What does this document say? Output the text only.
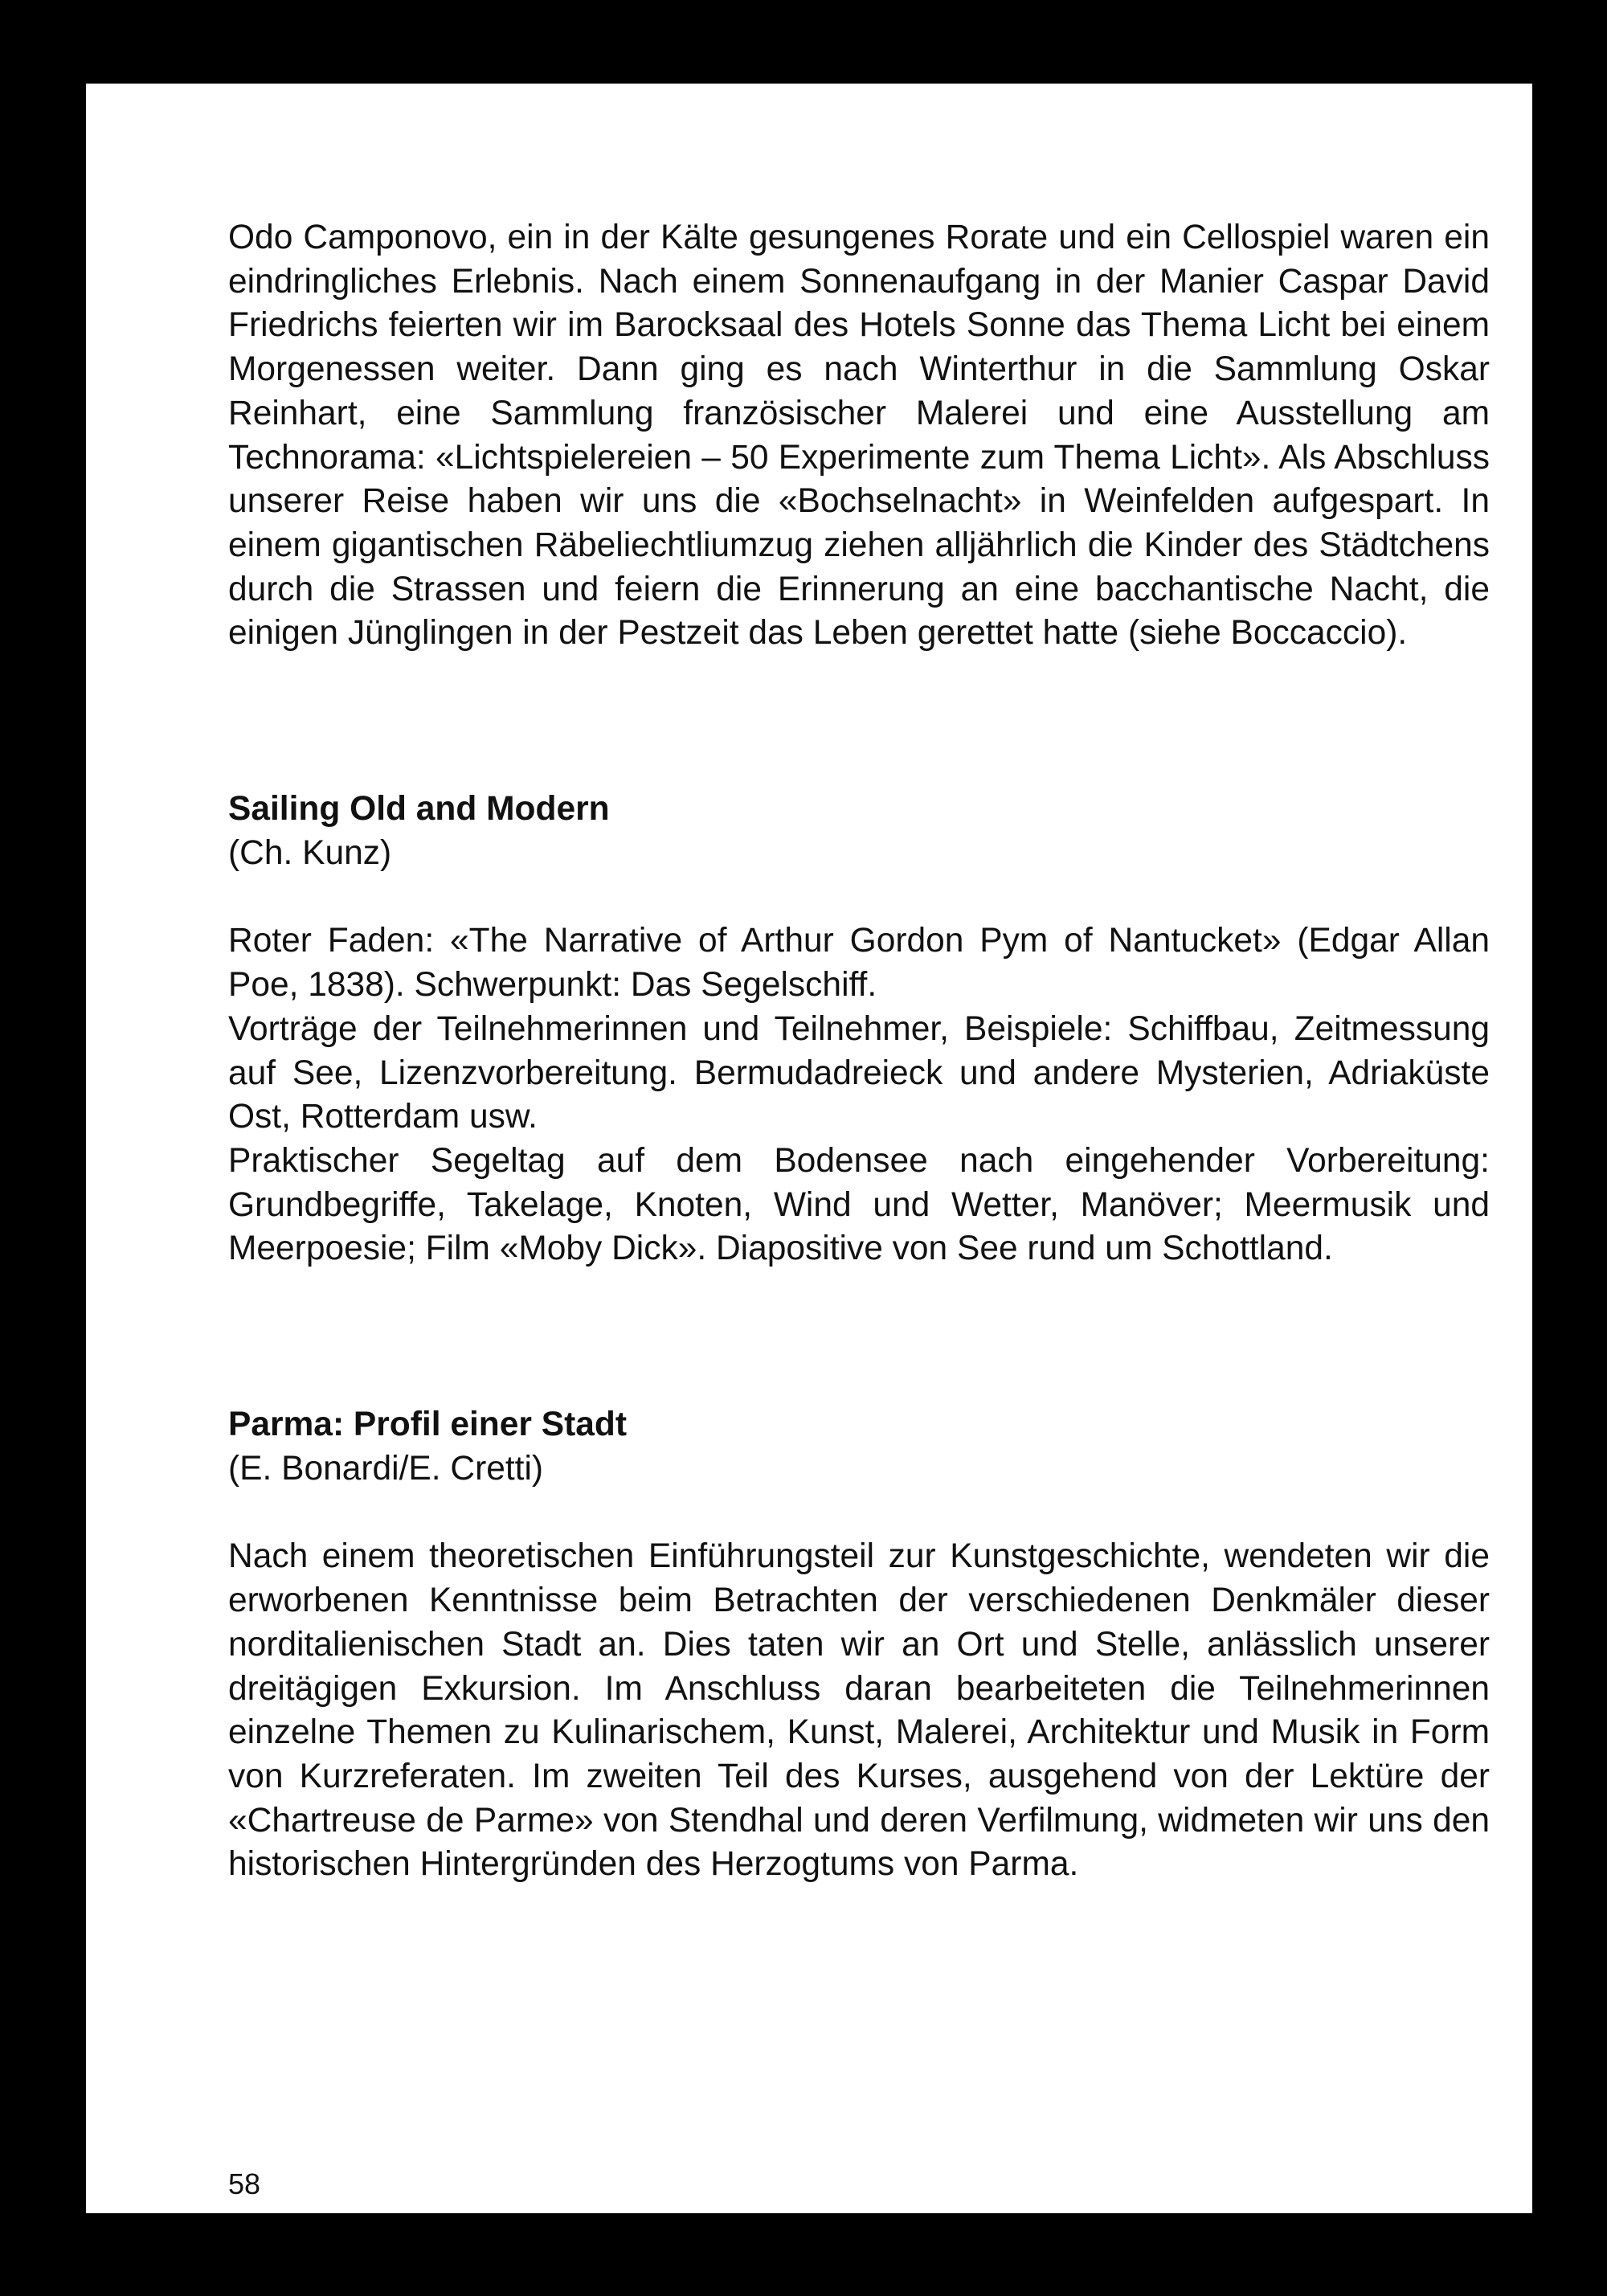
Odo Camponovo, ein in der Kälte gesungenes Rorate und ein Cellospiel waren ein eindringliches Erlebnis. Nach einem Sonnenaufgang in der Manier Caspar David Friedrichs feierten wir im Barocksaal des Hotels Sonne das Thema Licht bei einem Morgenessen weiter. Dann ging es nach Winterthur in die Sammlung Oskar Reinhart, eine Sammlung französischer Malerei und eine Ausstellung am Technorama: «Lichtspielereien – 50 Experimente zum Thema Licht». Als Abschluss unserer Reise haben wir uns die «Bochselnacht» in Weinfelden aufgespart. In einem gigantischen Räbeliechtliumzug ziehen alljährlich die Kinder des Städtchens durch die Strassen und feiern die Erinnerung an eine bacchantische Nacht, die einigen Jünglingen in der Pestzeit das Leben gerettet hatte (siehe Boccaccio).

Sailing Old and Modern

(Ch. Kunz)

Roter Faden: «The Narrative of Arthur Gordon Pym of Nantucket» (Edgar Allan Poe, 1838). Schwerpunkt: Das Segelschiff.

Vorträge der Teilnehmerinnen und Teilnehmer, Beispiele: Schiffbau, Zeitmessung auf See, Lizenzvorbereitung. Bermudadreieck und andere Mysterien, Adriaküste Ost, Rotterdam usw.

Praktischer Segeltag auf dem Bodensee nach eingehender Vorbereitung: Grundbegriffe, Takelage, Knoten, Wind und Wetter, Manöver; Meermusik und Meerpoesie; Film «Moby Dick». Diapositive von See rund um Schottland.

Parma: Profil einer Stadt

(E. Bonardi/E. Cretti)

Nach einem theoretischen Einführungsteil zur Kunstgeschichte, wendeten wir die erworbenen Kenntnisse beim Betrachten der verschiedenen Denkmäler dieser norditalienischen Stadt an. Dies taten wir an Ort und Stelle, anlässlich unserer dreitägigen Exkursion. Im Anschluss daran bearbeiteten die Teilnehmerinnen einzelne Themen zu Kulinarischem, Kunst, Malerei, Architektur und Musik in Form von Kurzreferaten. Im zweiten Teil des Kurses, ausgehend von der Lektüre der «Chartreuse de Parme» von Stendhal und deren Verfilmung, widmeten wir uns den historischen Hintergründen des Herzogtums von Parma.

58
